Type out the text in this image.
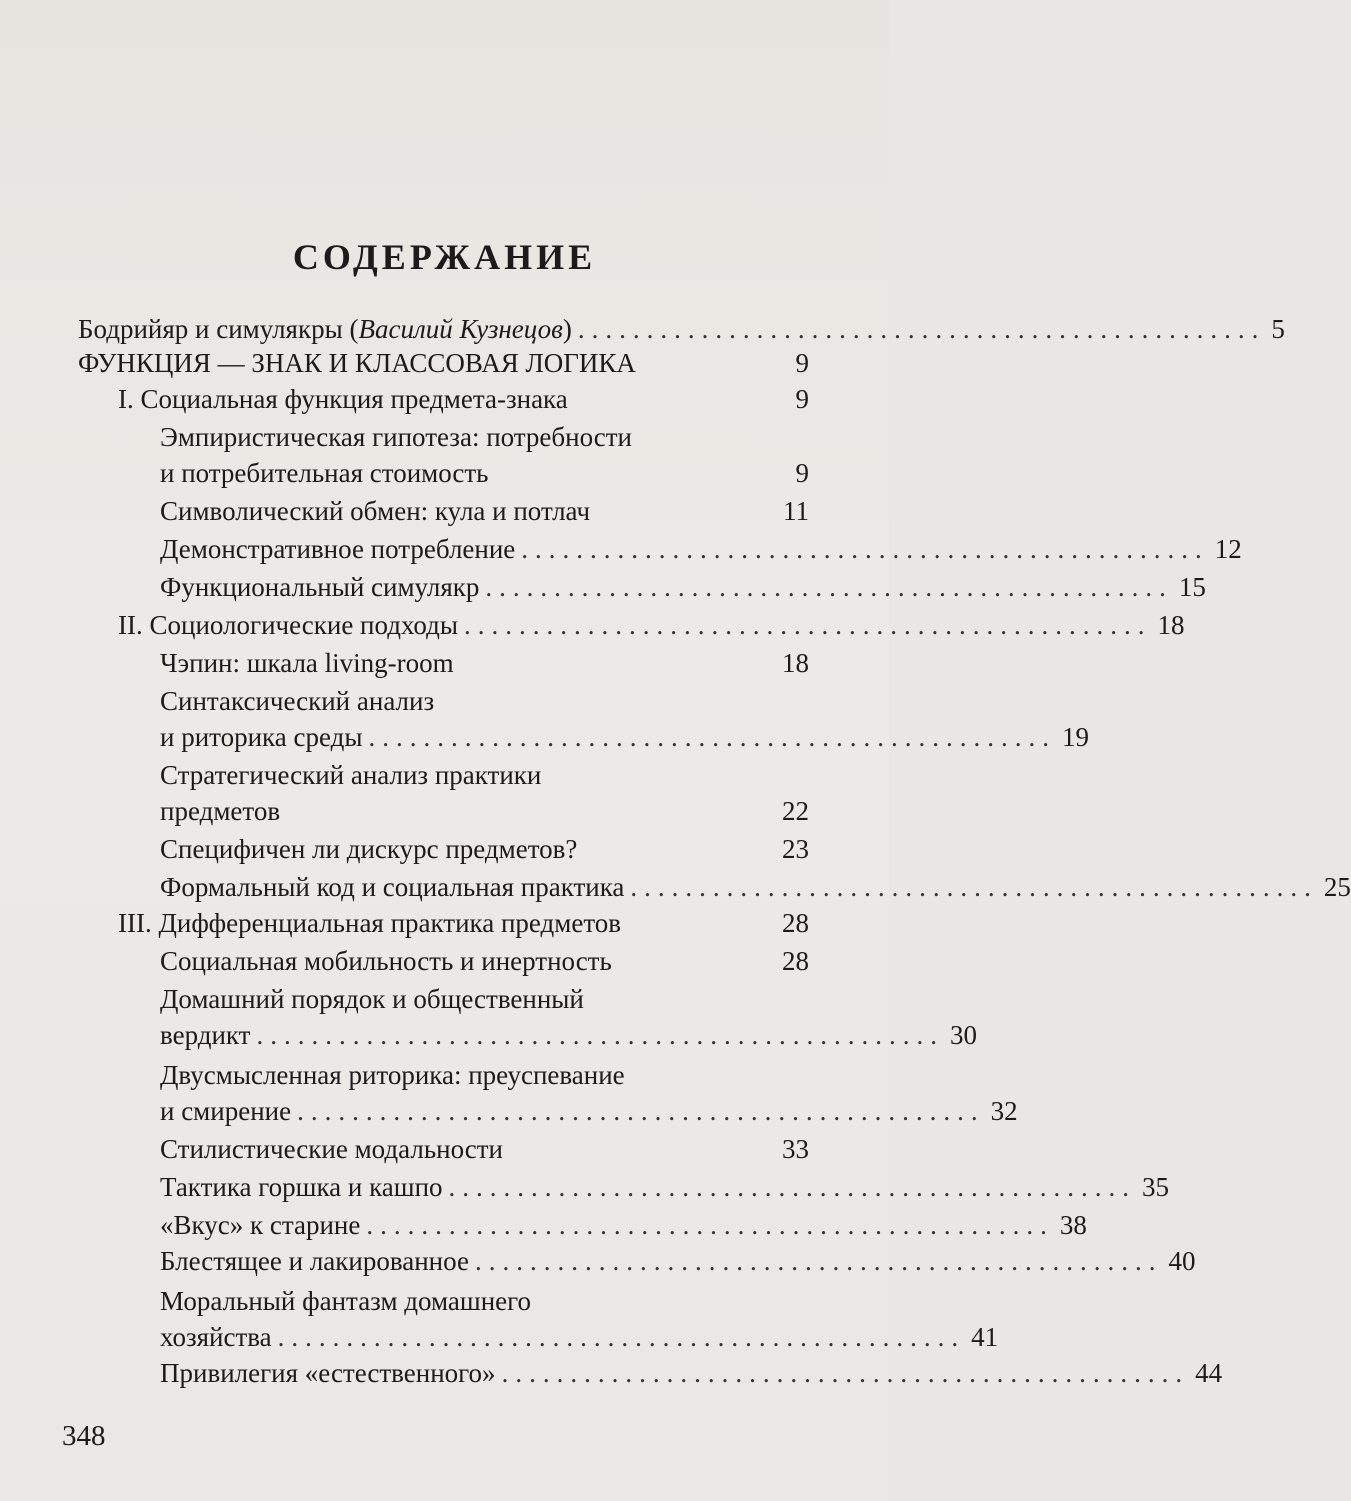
СОДЕРЖАНИЕ
Бодрийяр и симулякры (Василий Кузнецов) .................................................. 5
ФУНКЦИЯ — ЗНАК И КЛАССОВАЯ ЛОГИКА	9
I. Социальная функция предмета-знака	9
Эмпиристическая гипотеза: потребности
и потребительная стоимость	9
Символический обмен: кула и потлач	11
Демонстративное потребление .................................................. 12
Функциональный симулякр .................................................. 15
II. Социологические подходы .................................................. 18
Чэпин: шкала living-room	18
Синтаксический анализ
и риторика среды .................................................. 19
Стратегический анализ практики
предметов	22
Специфичен ли дискурс предметов?	23
Формальный код и социальная практика .................................................. 25
III. Дифференциальная практика предметов	28
Социальная мобильность и инертность	28
Домашний порядок и общественный
вердикт .................................................. 30
Двусмысленная риторика: преуспевание
и смирение .................................................. 32
Стилистические модальности	33
Тактика горшка и кашпо .................................................. 35
«Вкус» к старине .................................................. 38
Блестящее и лакированное .................................................. 40
Моральный фантазм домашнего
хозяйства .................................................. 41
Привилегия «естественного» .................................................. 44
348
